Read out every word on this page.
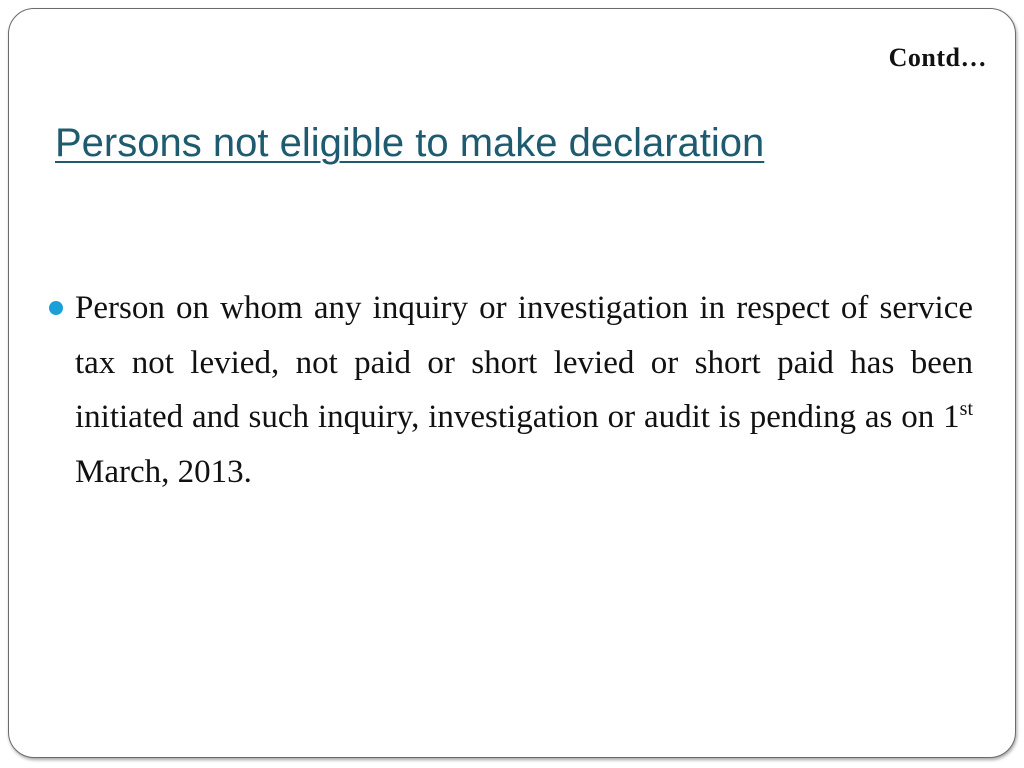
Contd…
Persons not eligible to make declaration
Person on whom any inquiry or investigation in respect of service tax not levied, not paid or short levied or short paid has been initiated and such inquiry, investigation or audit is pending as on 1st March, 2013.
